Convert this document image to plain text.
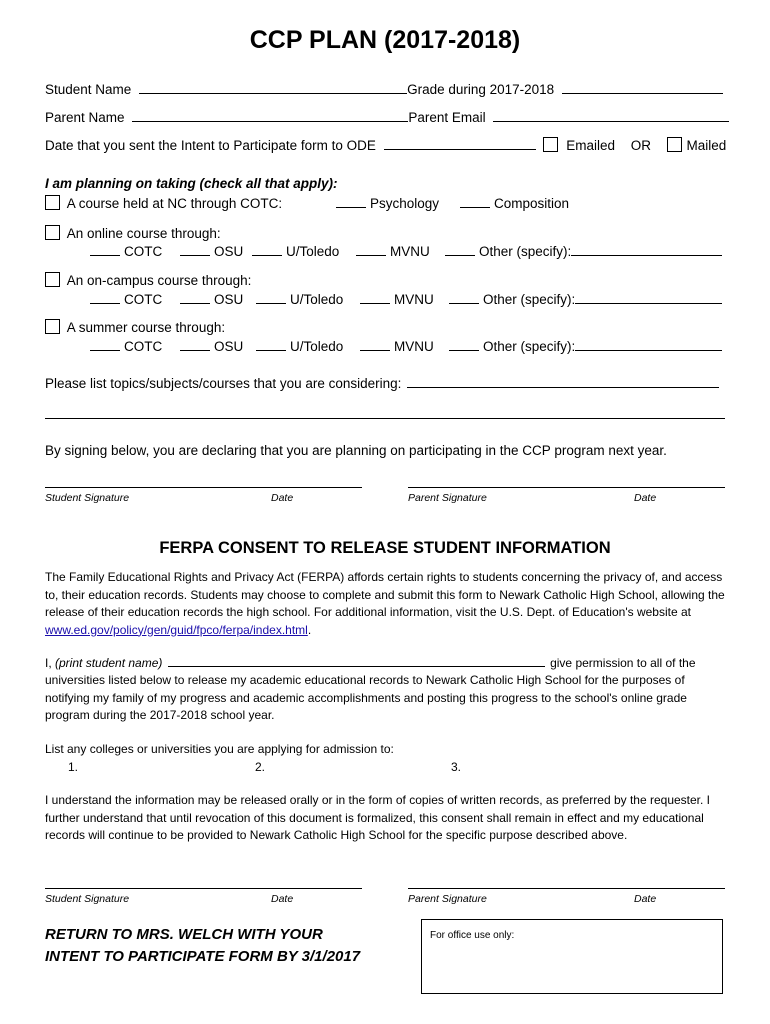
CCP PLAN (2017-2018)
Student Name	Grade during 2017-2018
Parent Name	Parent Email
Date that you sent the Intent to Participate form to ODE	Emailed OR	Mailed
I am planning on taking (check all that apply):
A course held at NC through COTC:	Psychology	Composition
An online course through:
COTC	OSU	U/Toledo	MVNU	Other (specify):
An on-campus course through:
COTC	OSU	U/Toledo	MVNU	Other (specify):
A summer course through:
COTC	OSU	U/Toledo	MVNU	Other (specify):
Please list topics/subjects/courses that you are considering:
By signing below, you are declaring that you are planning on participating in the CCP program next year.
Student Signature	Date	Parent Signature	Date
FERPA CONSENT TO RELEASE STUDENT INFORMATION
The Family Educational Rights and Privacy Act (FERPA) affords certain rights to students concerning the privacy of, and access to, their education records. Students may choose to complete and submit this form to Newark Catholic High School, allowing the release of their education records the high school. For additional information, visit the U.S. Dept. of Education's website at www.ed.gov/policy/gen/guid/fpco/ferpa/index.html.
I, (print student name)	give permission to all of the
universities listed below to release my academic educational records to Newark Catholic High School for the purposes of notifying my family of my progress and academic accomplishments and posting this progress to the school's online grade program during the 2017-2018 school year.
List any colleges or universities you are applying for admission to:
1.	2.	3.
I understand the information may be released orally or in the form of copies of written records, as preferred by the requester. I further understand that until revocation of this document is formalized, this consent shall remain in effect and my educational records will continue to be provided to Newark Catholic High School for the specific purpose described above.
Student Signature	Date	Parent Signature	Date
RETURN TO MRS. WELCH WITH YOUR
INTENT TO PARTICIPATE FORM BY 3/1/2017
For office use only:
